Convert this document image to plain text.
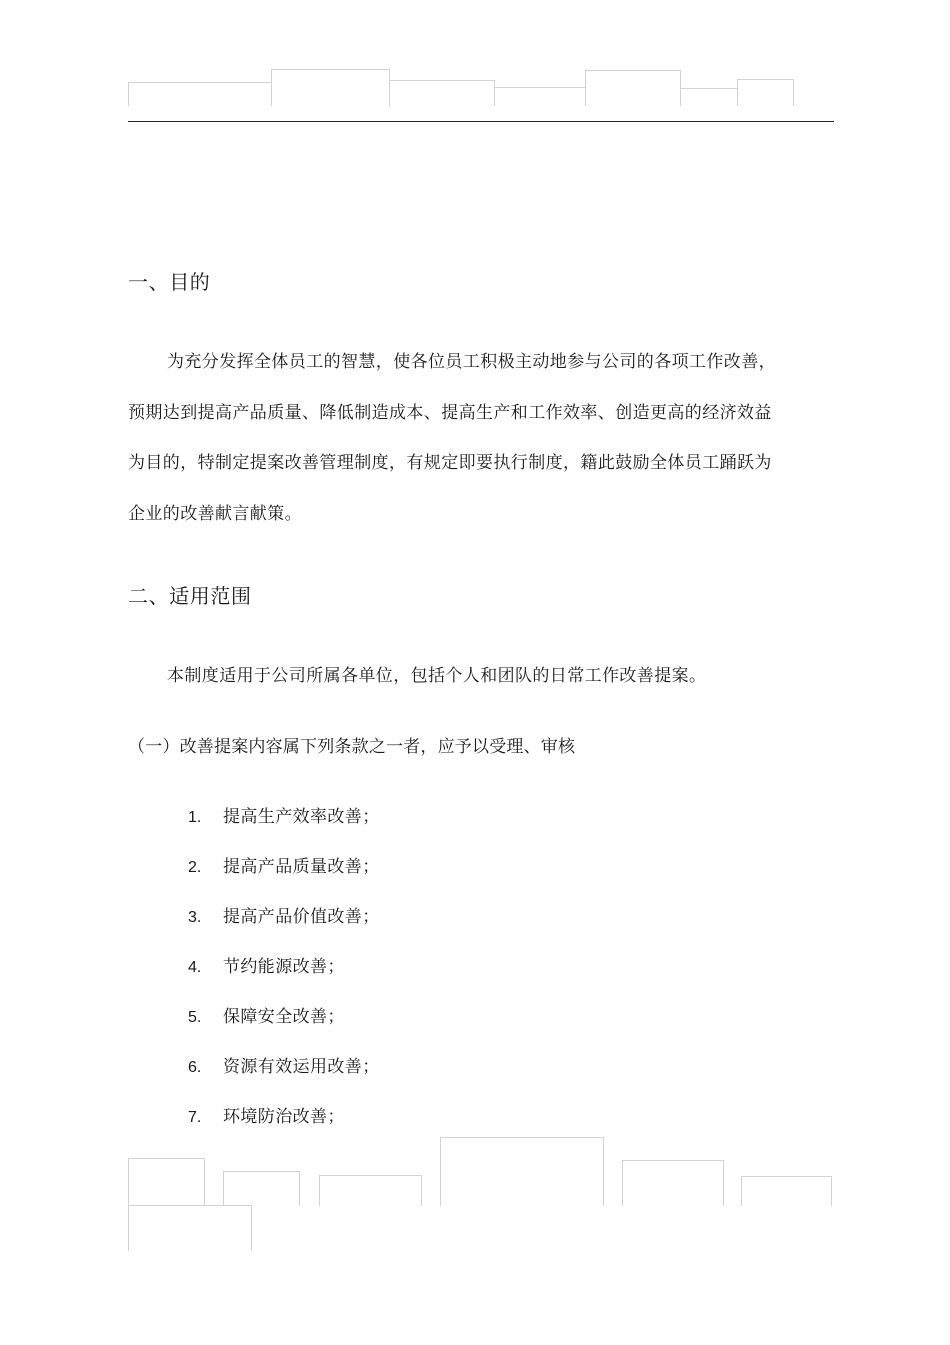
一、目的
为充分发挥全体员工的智慧，使各位员工积极主动地参与公司的各项工作改善，
预期达到提高产品质量、降低制造成本、提高生产和工作效率、创造更高的经济效益
为目的，特制定提案改善管理制度，有规定即要执行制度，籍此鼓励全体员工踊跃为
企业的改善献言献策。
二、适用范围
本制度适用于公司所属各单位，包括个人和团队的日常工作改善提案。
（一）改善提案内容属下列条款之一者，应予以受理、审核
1. 提高生产效率改善；
2. 提高产品质量改善；
3. 提高产品价值改善；
4. 节约能源改善；
5. 保障安全改善；
6. 资源有效运用改善；
7. 环境防治改善；
